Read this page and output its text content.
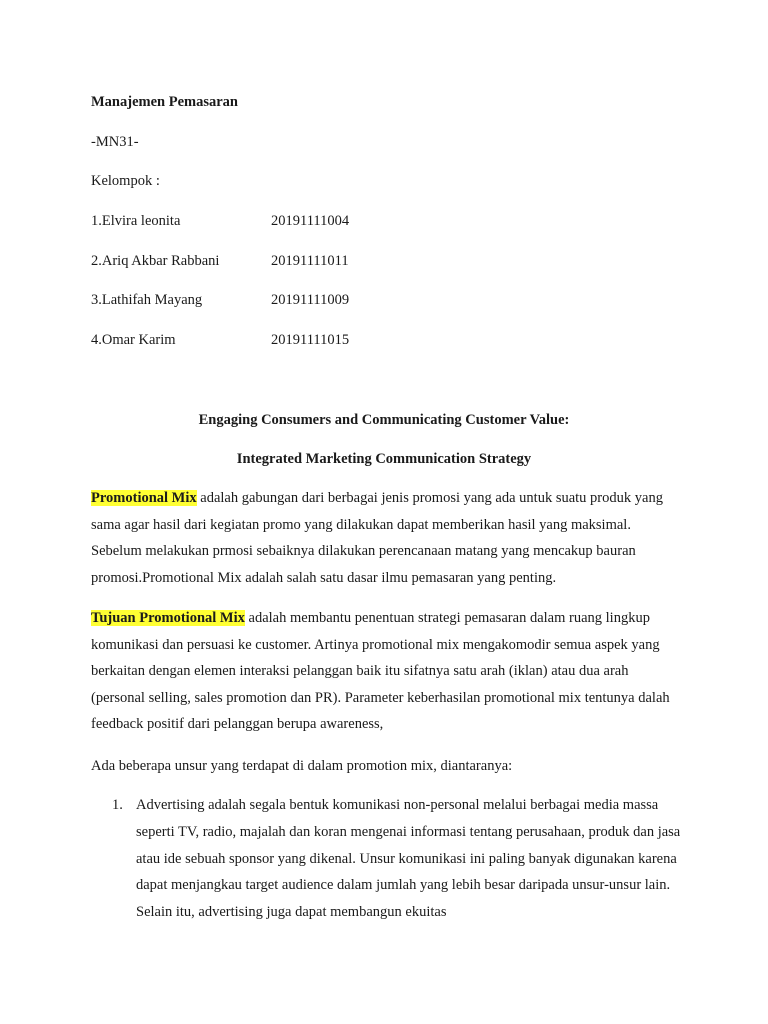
Manajemen Pemasaran
-MN31-
Kelompok :
1.Elvira leonita	20191111004
2.Ariq Akbar Rabbani	20191111011
3.Lathifah Mayang	20191111009
4.Omar Karim	20191111015
Engaging Consumers and Communicating Customer Value:
Integrated Marketing Communication Strategy
Promotional Mix adalah gabungan dari berbagai jenis promosi yang ada untuk suatu produk yang sama agar hasil dari kegiatan promo yang dilakukan dapat memberikan hasil yang maksimal. Sebelum melakukan prmosi sebaiknya dilakukan perencanaan matang yang mencakup bauran promosi.Promotional Mix adalah salah satu dasar ilmu pemasaran yang penting.
Tujuan Promotional Mix adalah membantu penentuan strategi pemasaran dalam ruang lingkup komunikasi dan persuasi ke customer. Artinya promotional mix mengakomodir semua aspek yang berkaitan dengan elemen interaksi pelanggan baik itu sifatnya satu arah (iklan) atau dua arah (personal selling, sales promotion dan PR). Parameter keberhasilan promotional mix tentunya dalah feedback positif dari pelanggan berupa awareness,
Ada beberapa unsur yang terdapat di dalam promotion mix, diantaranya:
1. Advertising adalah segala bentuk komunikasi non-personal melalui berbagai media massa seperti TV, radio, majalah dan koran mengenai informasi tentang perusahaan, produk dan jasa atau ide sebuah sponsor yang dikenal. Unsur komunikasi ini paling banyak digunakan karena dapat menjangkau target audience dalam jumlah yang lebih besar daripada unsur-unsur lain. Selain itu, advertising juga dapat membangun ekuitas
